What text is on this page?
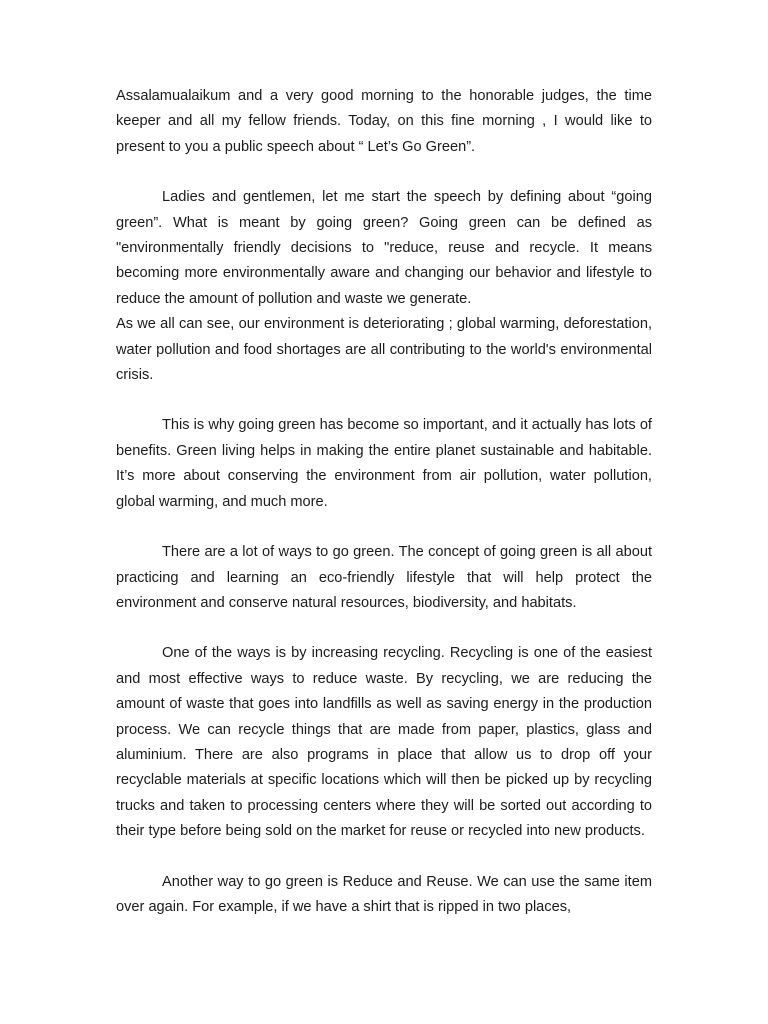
Assalamualaikum and a very good morning to the honorable judges, the time keeper and all my fellow friends. Today, on this fine morning , I would like to present to you a public speech about “ Let’s Go Green”.

Ladies and gentlemen, let me start the speech by defining about “going green”. What is meant by going green? Going green can be defined as "environmentally friendly decisions to "reduce, reuse and recycle. It means becoming more environmentally aware and changing our behavior and lifestyle to reduce the amount of pollution and waste we generate.

As we all can see, our environment is deteriorating ; global warming, deforestation, water pollution and food shortages are all contributing to the world's environmental crisis.

This is why going green has become so important, and it actually has lots of benefits. Green living helps in making the entire planet sustainable and habitable. It’s more about conserving the environment from air pollution, water pollution, global warming, and much more.

There are a lot of ways to go green. The concept of going green is all about practicing and learning an eco-friendly lifestyle that will help protect the environment and conserve natural resources, biodiversity, and habitats.

One of the ways is by increasing recycling. Recycling is one of the easiest and most effective ways to reduce waste. By recycling, we are reducing the amount of waste that goes into landfills as well as saving energy in the production process. We can recycle things that are made from paper, plastics, glass and aluminium. There are also programs in place that allow us to drop off your recyclable materials at specific locations which will then be picked up by recycling trucks and taken to processing centers where they will be sorted out according to their type before being sold on the market for reuse or recycled into new products.

Another way to go green is Reduce and Reuse. We can use the same item over again. For example, if we have a shirt that is ripped in two places,
